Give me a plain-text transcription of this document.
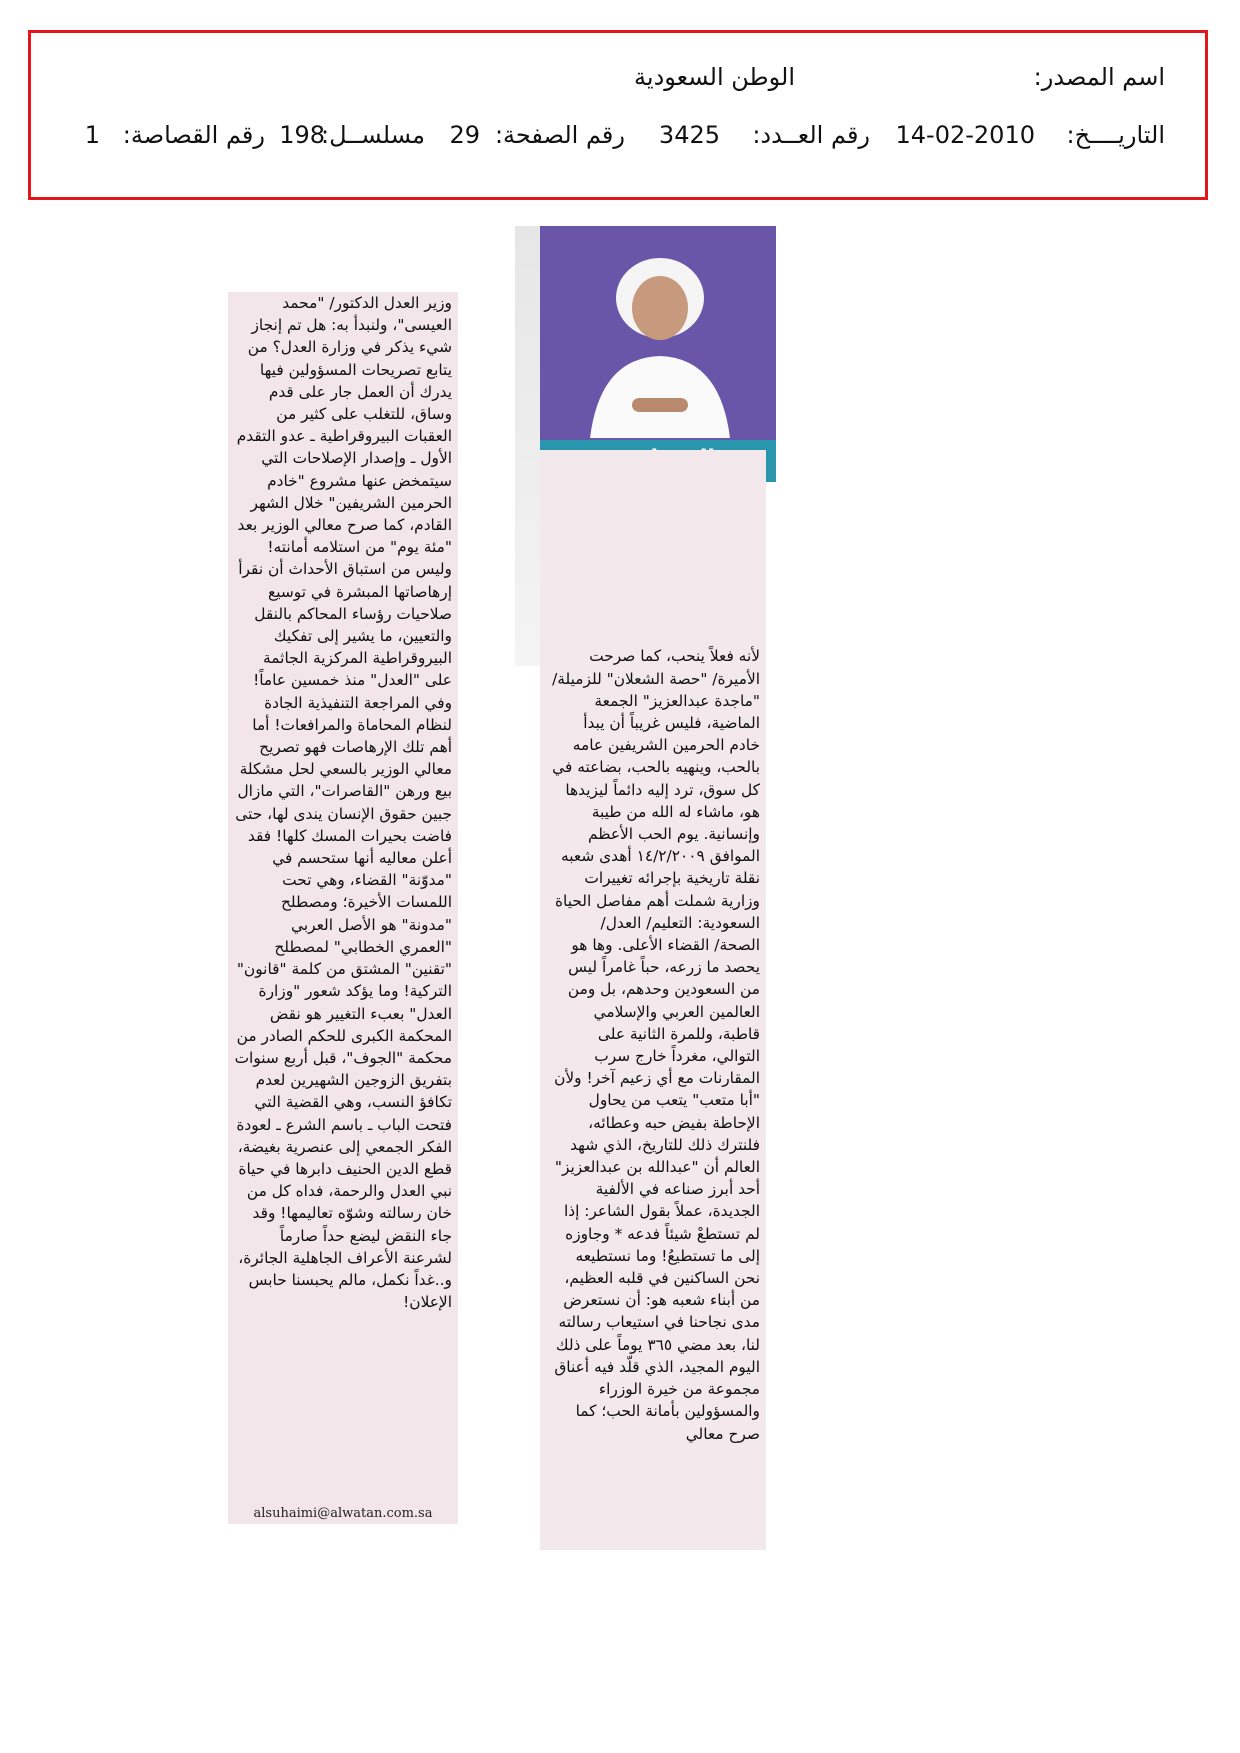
اسم المصدر:
الوطن السعودية
التاريــــخ:
14-02-2010
رقم العــدد:
3425
رقم الصفحة:
29
مسلســل:
198
رقم القصاصة:
1

لأنه فعلاً ينحب، كما صرحت الأميرة/ "حصة الشعلان" للزميلة/ "ماجدة عبدالعزيز" الجمعة الماضية، فليس غريباً أن يبدأ خادم الحرمين الشريفين عامه بالحب، وينهيه بالحب، بضاعته في كل سوق، ترد إليه دائماً ليزيدها هو، ماشاء له الله من طيبة وإنسانية. يوم الحب الأعظم الموافق ١٤/٢/٢٠٠٩ أهدى شعبه نقلة تاريخية بإجرائه تغييرات وزارية شملت أهم مفاصل الحياة السعودية: التعليم/ العدل/ الصحة/ القضاء الأعلى. وها هو يحصد ما زرعه، حباً غامراً ليس من السعودين وحدهم، بل ومن العالمين العربي والإسلامي قاطبة، وللمرة الثانية على التوالي، مغرداً خارج سرب المقارنات مع أي زعيم آخر! ولأن "أبا متعب" يتعب من يحاول الإحاطة بفيض حبه وعطائه، فلنترك ذلك للتاريخ، الذي شهد العالم أن "عبدالله بن عبدالعزيز" أحد أبرز صناعه في الألفية الجديدة، عملاً بقول الشاعر: إذا لم تستطعْ شيئاً فدعه * وجاوزه إلى ما تستطيعُ! وما نستطيعه نحن الساكنين في قلبه العظيم، من أبناء شعبه هو: أن نستعرض مدى نجاحنا في استيعاب رسالته لنا، بعد مضي ٣٦٥ يوماً على ذلك اليوم المجيد، الذي قلّد فيه أعناق مجموعة من خيرة الوزراء والمسؤولين بأمانة الحب؛ كما صرح معالي

وزير العدل الدكتور/ "محمد العيسى"، ولنبدأ به: هل تم إنجاز شيء يذكر في وزارة العدل؟ من يتابع تصريحات المسؤولين فيها يدرك أن العمل جار على قدم وساق، للتغلب على كثير من العقبات البيروقراطية ـ عدو التقدم الأول ـ وإصدار الإصلاحات التي سيتمخض عنها مشروع "خادم الحرمين الشريفين" خلال الشهر القادم، كما صرح معالي الوزير بعد "مئة يوم" من استلامه أمانته! وليس من استباق الأحداث أن نقرأ إرهاصاتها المبشرة في توسيع صلاحيات رؤساء المحاكم بالنقل والتعيين، ما يشير إلى تفكيك البيروقراطية المركزية الجاثمة على "العدل" منذ خمسين عاماً! وفي المراجعة التنفيذية الجادة لنظام المحاماة والمرافعات! أما أهم تلك الإرهاصات فهو تصريح معالي الوزير بالسعي لحل مشكلة بيع ورهن "القاصرات"، التي مازال جبين حقوق الإنسان يندى لها، حتى فاضت بحيرات المسك كلها! فقد أعلن معاليه أنها ستحسم في "مدوّنة" القضاء، وهي تحت اللمسات الأخيرة؛ ومصطلح "مدونة" هو الأصل العربي "العمري الخطابي" لمصطلح "تقنين" المشتق من كلمة "قانون" التركية! وما يؤكد شعور "وزارة العدل" بعبء التغيير هو نقض المحكمة الكبرى للحكم الصادر من محكمة "الجوف"، قبل أربع سنوات بتفريق الزوجين الشهيرين لعدم تكافؤ النسب، وهي القضية التي فتحت الباب ـ باسم الشرع ـ لعودة الفكر الجمعي إلى عنصرية بغيضة، قطع الدين الحنيف دابرها في حياة نبي العدل والرحمة، فداه كل من خان رسالته وشوّه تعاليمها! وقد جاء النقض ليضع حداً صارماً لشرعنة الأعراف الجاهلية الجائرة، و..غداً نكمل، مالم يحبسنا حابس الإعلان!

alsuhaimi@alwatan.com.sa
